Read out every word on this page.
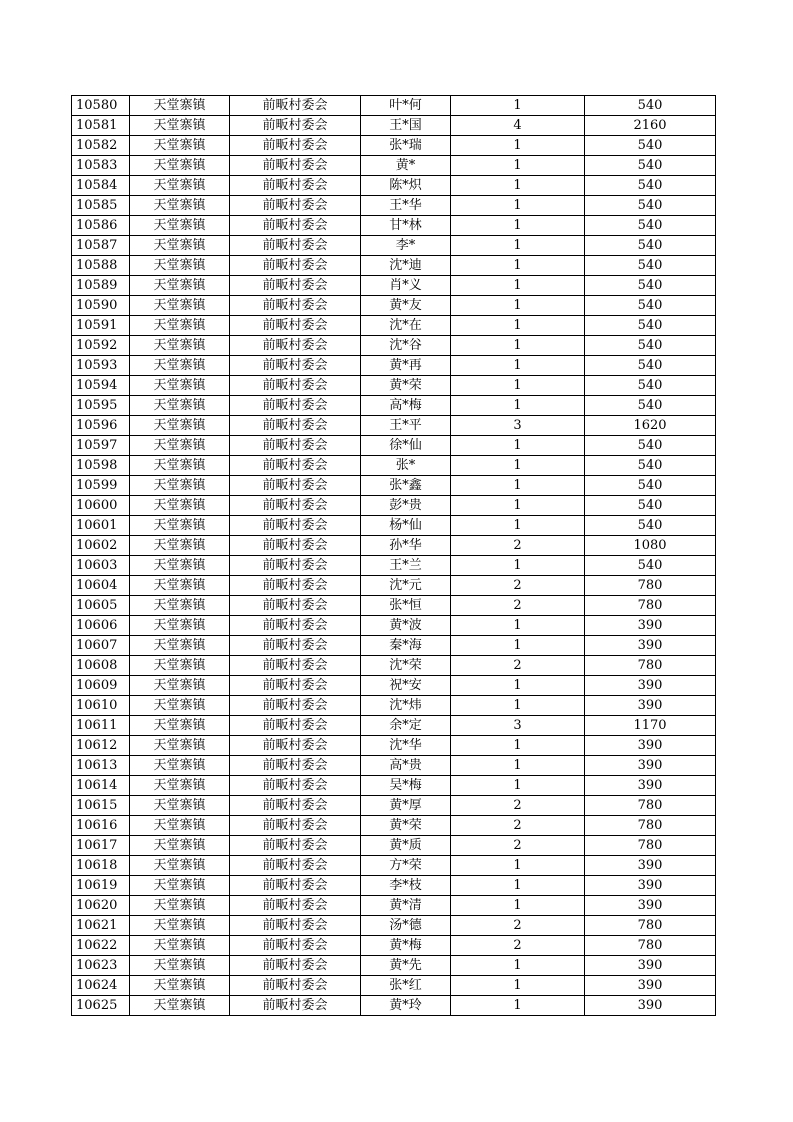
10580	天堂寨镇	前畈村委会	叶*何	1	540
10581	天堂寨镇	前畈村委会	王*国	4	2160
10582	天堂寨镇	前畈村委会	张*瑞	1	540
10583	天堂寨镇	前畈村委会	黄*	1	540
10584	天堂寨镇	前畈村委会	陈*炽	1	540
10585	天堂寨镇	前畈村委会	王*华	1	540
10586	天堂寨镇	前畈村委会	甘*林	1	540
10587	天堂寨镇	前畈村委会	李*	1	540
10588	天堂寨镇	前畈村委会	沈*迪	1	540
10589	天堂寨镇	前畈村委会	肖*义	1	540
10590	天堂寨镇	前畈村委会	黄*友	1	540
10591	天堂寨镇	前畈村委会	沈*在	1	540
10592	天堂寨镇	前畈村委会	沈*谷	1	540
10593	天堂寨镇	前畈村委会	黄*再	1	540
10594	天堂寨镇	前畈村委会	黄*荣	1	540
10595	天堂寨镇	前畈村委会	高*梅	1	540
10596	天堂寨镇	前畈村委会	王*平	3	1620
10597	天堂寨镇	前畈村委会	徐*仙	1	540
10598	天堂寨镇	前畈村委会	张*	1	540
10599	天堂寨镇	前畈村委会	张*鑫	1	540
10600	天堂寨镇	前畈村委会	彭*贵	1	540
10601	天堂寨镇	前畈村委会	杨*仙	1	540
10602	天堂寨镇	前畈村委会	孙*华	2	1080
10603	天堂寨镇	前畈村委会	王*兰	1	540
10604	天堂寨镇	前畈村委会	沈*元	2	780
10605	天堂寨镇	前畈村委会	张*恒	2	780
10606	天堂寨镇	前畈村委会	黄*波	1	390
10607	天堂寨镇	前畈村委会	秦*海	1	390
10608	天堂寨镇	前畈村委会	沈*荣	2	780
10609	天堂寨镇	前畈村委会	祝*安	1	390
10610	天堂寨镇	前畈村委会	沈*炜	1	390
10611	天堂寨镇	前畈村委会	余*定	3	1170
10612	天堂寨镇	前畈村委会	沈*华	1	390
10613	天堂寨镇	前畈村委会	高*贵	1	390
10614	天堂寨镇	前畈村委会	吴*梅	1	390
10615	天堂寨镇	前畈村委会	黄*厚	2	780
10616	天堂寨镇	前畈村委会	黄*荣	2	780
10617	天堂寨镇	前畈村委会	黄*质	2	780
10618	天堂寨镇	前畈村委会	方*荣	1	390
10619	天堂寨镇	前畈村委会	李*枝	1	390
10620	天堂寨镇	前畈村委会	黄*清	1	390
10621	天堂寨镇	前畈村委会	汤*德	2	780
10622	天堂寨镇	前畈村委会	黄*梅	2	780
10623	天堂寨镇	前畈村委会	黄*先	1	390
10624	天堂寨镇	前畈村委会	张*红	1	390
10625	天堂寨镇	前畈村委会	黄*玲	1	390
